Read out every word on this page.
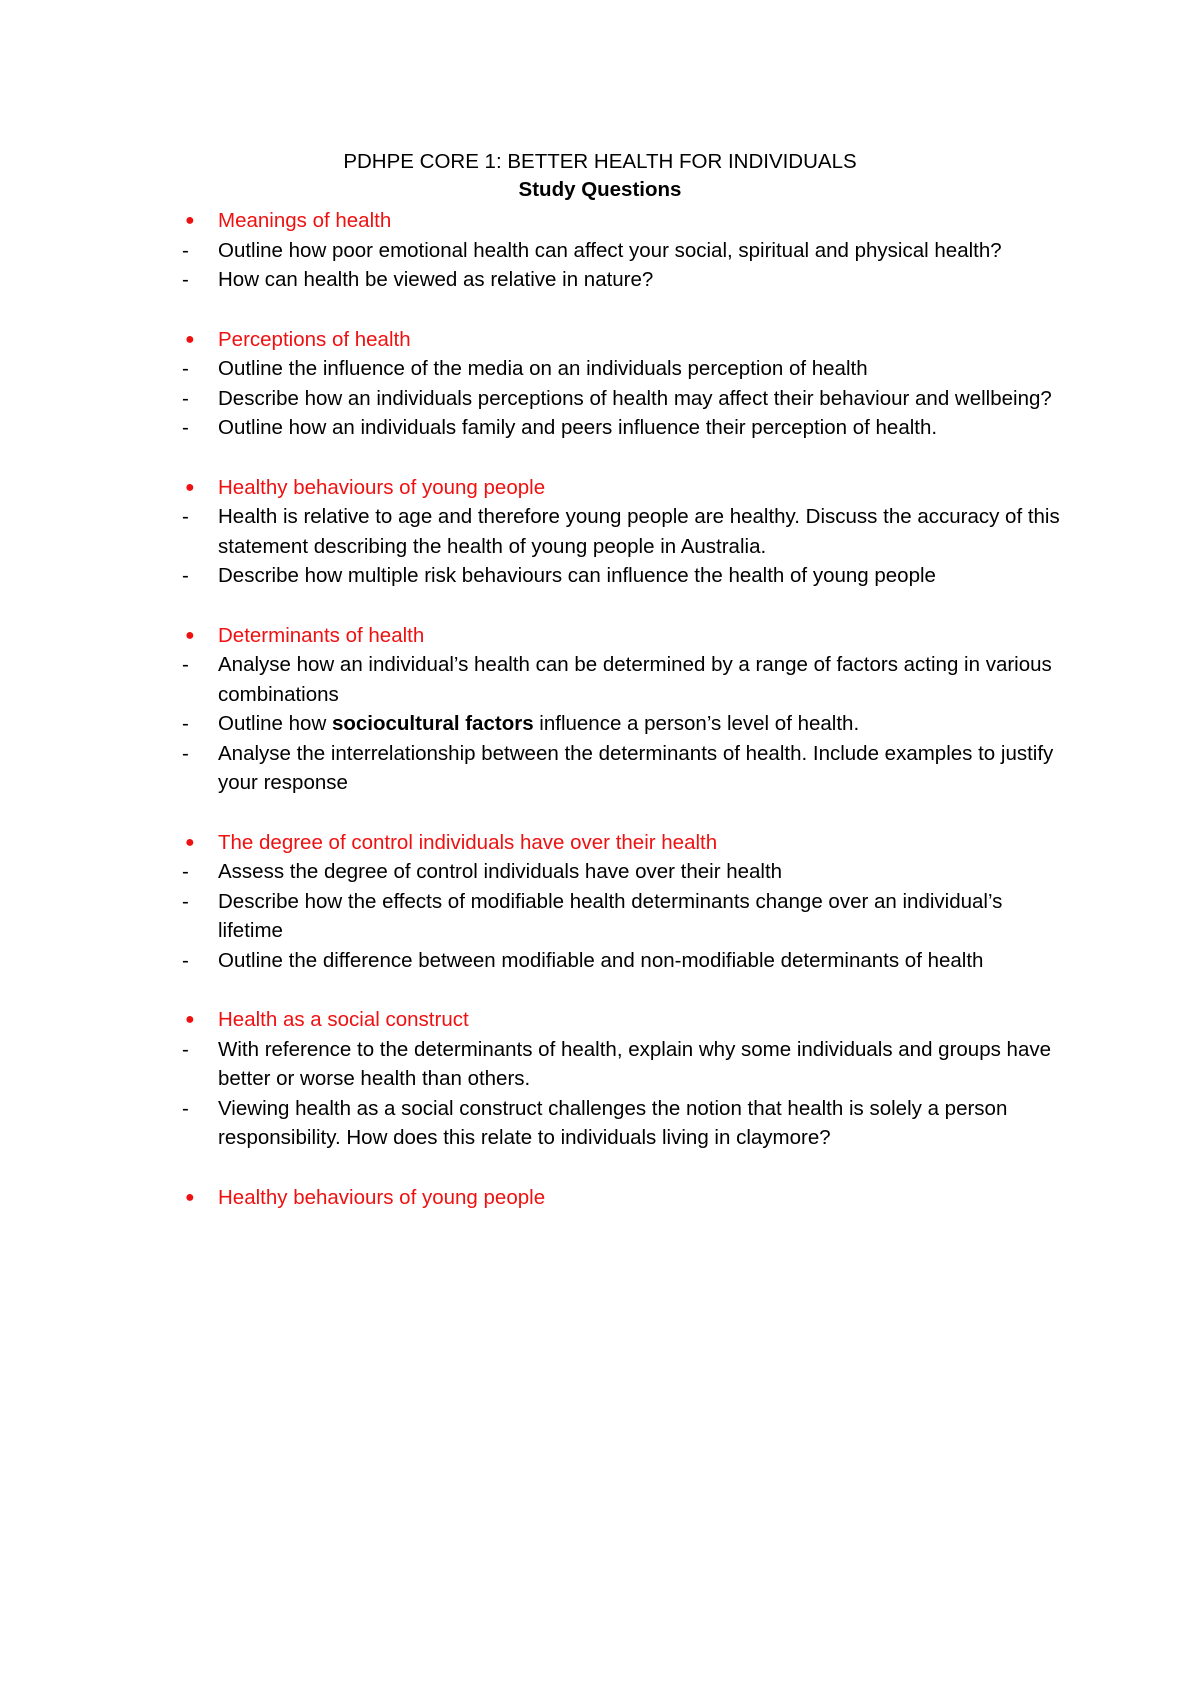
PDHPE CORE 1: BETTER HEALTH FOR INDIVIDUALS
Study Questions
● Meanings of health
- Outline how poor emotional health can affect your social, spiritual and physical health?
- How can health be viewed as relative in nature?
● Perceptions of health
- Outline the influence of the media on an individuals perception of health
- Describe how an individuals perceptions of health may affect their behaviour and wellbeing?
- Outline how an individuals family and peers influence their perception of health.
● Healthy behaviours of young people
- Health is relative to age and therefore young people are healthy. Discuss the accuracy of this statement describing the health of young people in Australia.
- Describe how multiple risk behaviours can influence the health of young people
● Determinants of health
- Analyse how an individual’s health can be determined by a range of factors acting in various combinations
- Outline how sociocultural factors influence a person’s level of health.
- Analyse the interrelationship between the determinants of health. Include examples to justify your response
● The degree of control individuals have over their health
- Assess the degree of control individuals have over their health
- Describe how the effects of modifiable health determinants change over an individual’s lifetime
- Outline the difference between modifiable and non-modifiable determinants of health
● Health as a social construct
- With reference to the determinants of health, explain why some individuals and groups have better or worse health than others.
- Viewing health as a social construct challenges the notion that health is solely a person responsibility. How does this relate to individuals living in claymore?
● Healthy behaviours of young people
